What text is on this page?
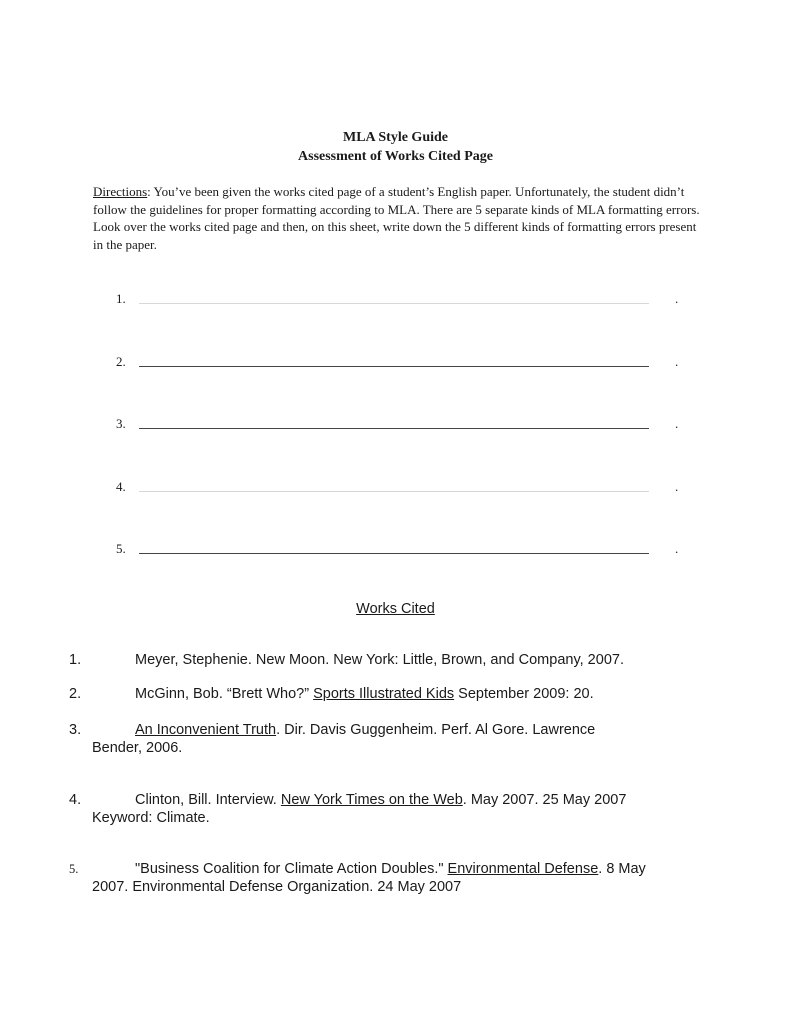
MLA Style Guide
Assessment of Works Cited Page
Directions: You’ve been given the works cited page of a student’s English paper. Unfortunately, the student didn’t follow the guidelines for proper formatting according to MLA. There are 5 separate kinds of MLA formatting errors. Look over the works cited page and then, on this sheet, write down the 5 different kinds of formatting errors present in the paper.
1.	.
2.	.
3.	.
4.	.
5.	.
Works Cited
1.	Meyer, Stephenie. New Moon. New York: Little, Brown, and Company, 2007.
2.	McGinn, Bob. “Brett Who?” Sports Illustrated Kids September 2009: 20.
3.	An Inconvenient Truth. Dir. Davis Guggenheim. Perf. Al Gore. Lawrence
Bender, 2006.
4.	Clinton, Bill. Interview. New York Times on the Web. May 2007. 25 May 2007
Keyword: Climate.
5.	"Business Coalition for Climate Action Doubles." Environmental Defense. 8 May
2007. Environmental Defense Organization. 24 May 2007
